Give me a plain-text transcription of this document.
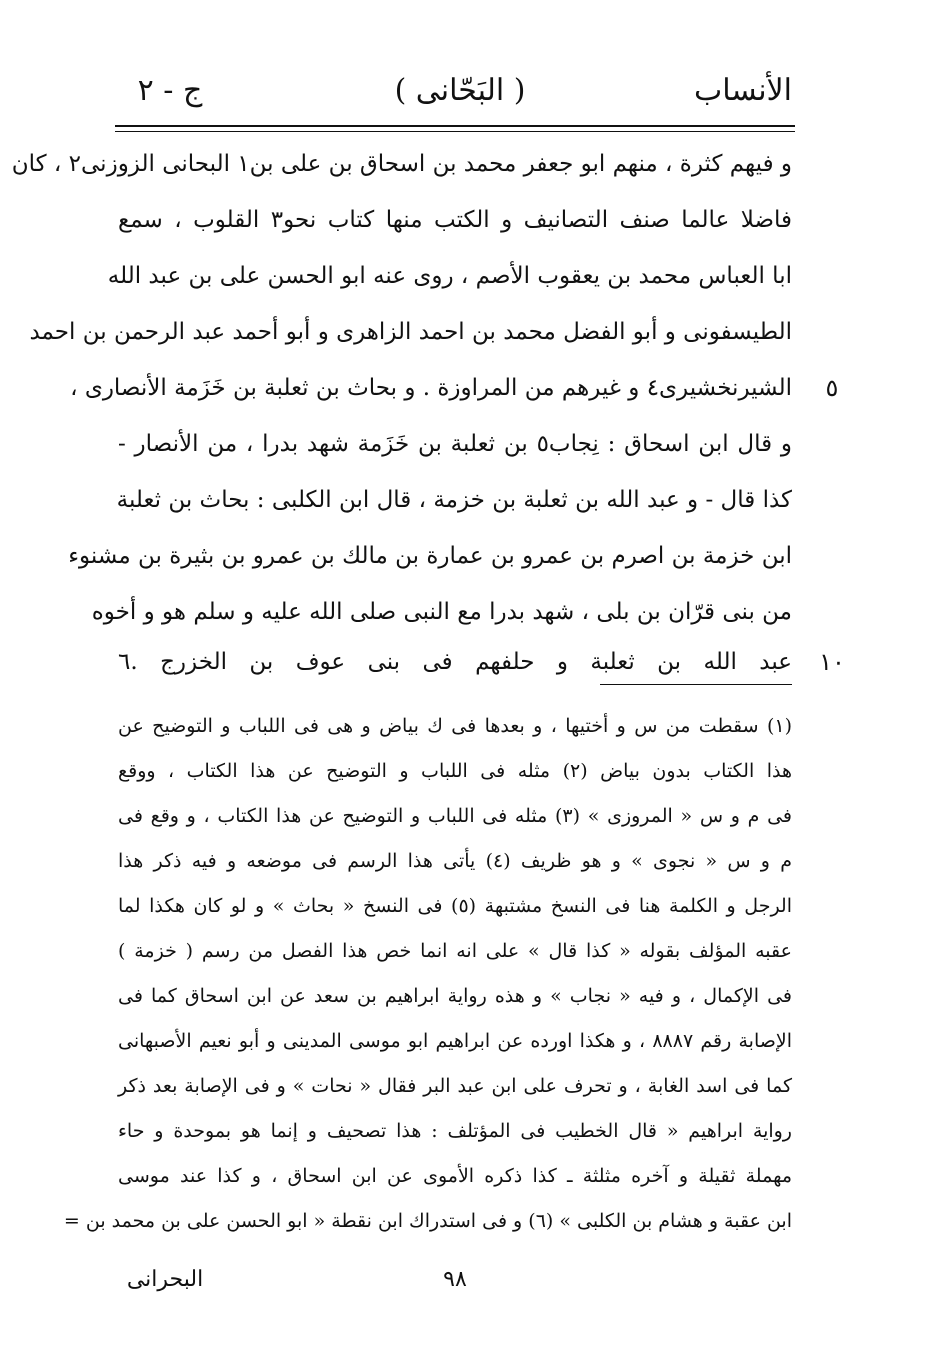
الأنساب
( البَحّانى )
ج - ٢
و فيهم كثرة ، منهم ابو جعفر محمد بن اسحاق بن على بن١ البحانى الزوزنى٢ ، كان
فاضلا عالما صنف التصانيف و الكتب منها كتاب نحو٣ القلوب ، سمع
ابا العباس محمد بن يعقوب الأصم ، روى عنه ابو الحسن على بن عبد الله
الطيسفونى و أبو الفضل محمد بن احمد الزاهرى و أبو أحمد عبد الرحمن بن احمد
الشيرنخشيرى٤ و غيرهم من المراوزة . و بحاث بن ثعلبة بن خَزَمة الأنصارى ،
و قال ابن اسحاق : نِجاب٥ بن ثعلبة بن خَزَمة شهد بدرا ، من الأنصار -
كذا قال - و عبد الله بن ثعلبة بن خزمة ، قال ابن الكلبى : بحاث بن ثعلبة
ابن خزمة بن اصرم بن عمرو بن عمارة بن مالك بن عمرو بن بثيرة بن مشنوء
من بنى قرّان بن بلى ، شهد بدرا مع النبى صلى الله عليه و سلم هو و أخوه
عبد الله بن ثعلبة و حلفهم فى بنى عوف بن الخزرج .٦
٥
١٠
(١) سقطت من س و أختيها ، و بعدها فى ك بياض و هى فى اللباب و التوضيح عن
هذا الكتاب بدون بياض (٢) مثله فى اللباب و التوضيح عن هذا الكتاب ، ووقع
فى م و س « المروزى » (٣) مثله فى اللباب و التوضيح عن هذا الكتاب ، و وقع فى
م و س « نجوى » و هو ظريف (٤) يأتى هذا الرسم فى موضعه و فيه ذكر هذا
الرجل و الكلمة هنا فى النسخ مشتبهة (٥) فى النسخ « بحاث » و لو كان هكذا لما
عقبه المؤلف بقوله « كذا قال » على انه انما خص هذا الفصل من رسم ( خزمة )
فى الإكمال ، و فيه « نجاب » و هذه رواية ابراهيم بن سعد عن ابن اسحاق كما فى
الإصابة رقم ٨٨٨٧ ، و هكذا اورده عن ابراهيم ابو موسى المدينى و أبو نعيم الأصبهانى
كما فى اسد الغابة ، و تحرف على ابن عبد البر فقال « نحات » و فى الإصابة بعد ذكر
رواية ابراهيم « قال الخطيب فى المؤتلف : هذا تصحيف و إنما هو بموحدة و حاء
مهملة ثقيلة و آخره مثلثة ـ كذا ذكره الأموى عن ابن اسحاق ، و كذا عند موسى
ابن عقبة و هشام بن الكلبى » (٦) و فى استدراك ابن نقطة « ابو الحسن على بن محمد بن =
٩٨
البحرانى
